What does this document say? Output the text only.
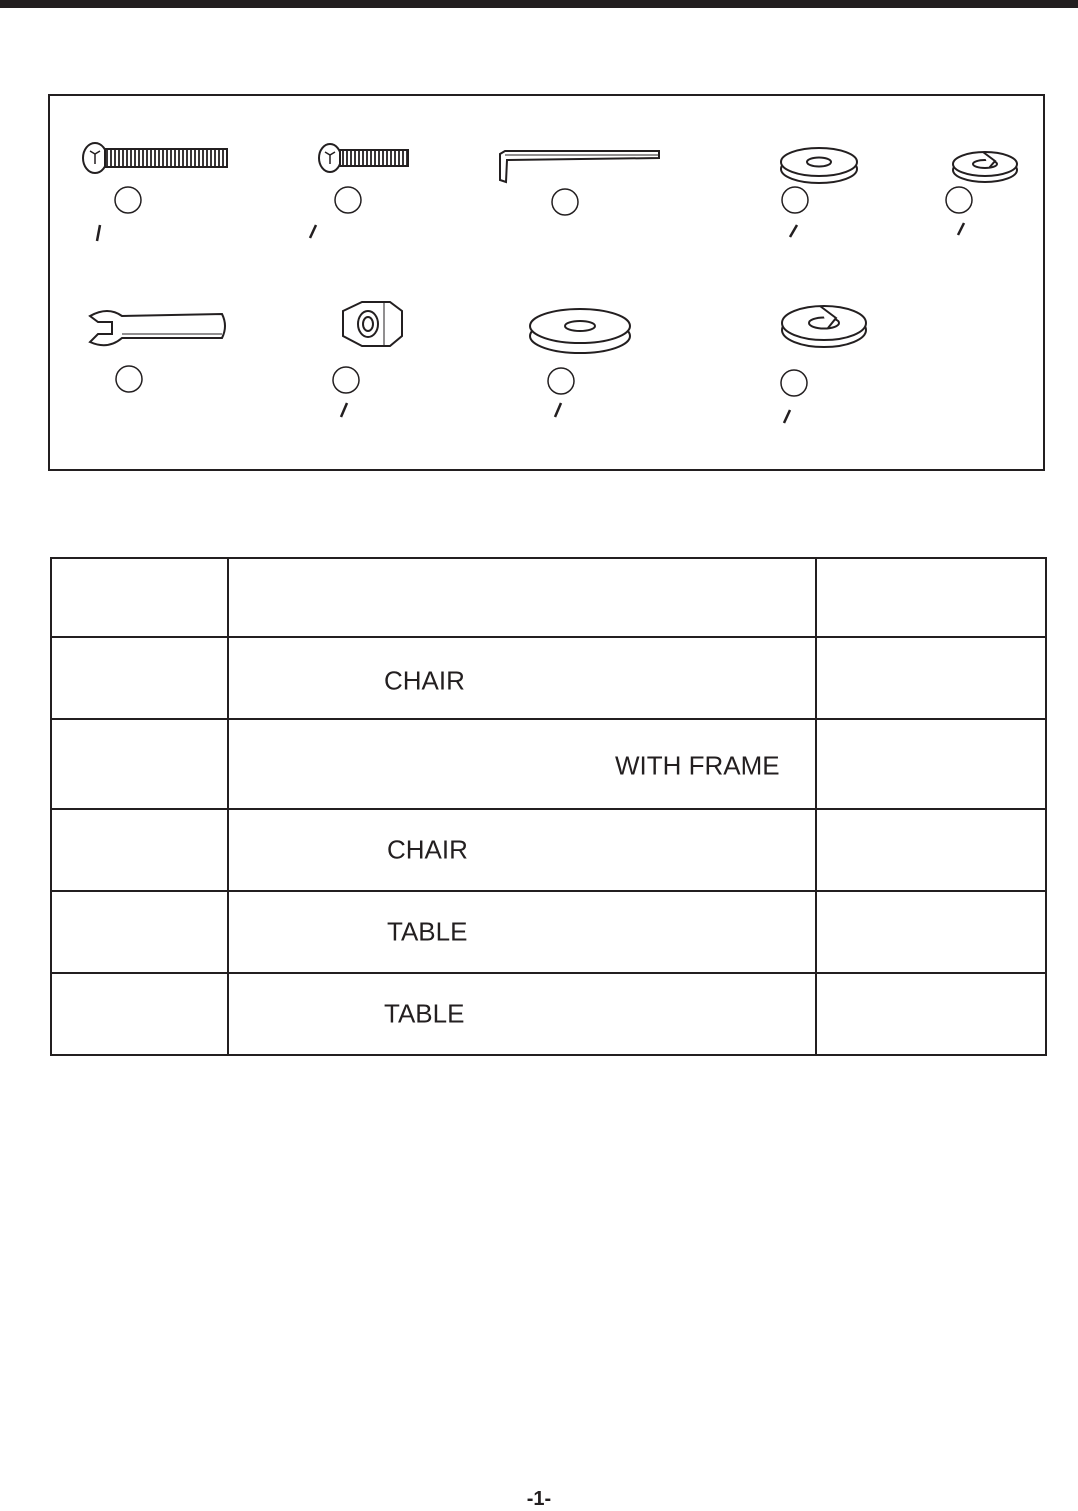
	CHAIR	

	WITH FRAME	

	CHAIR	

	TABLE	

	TABLE	

-1-
